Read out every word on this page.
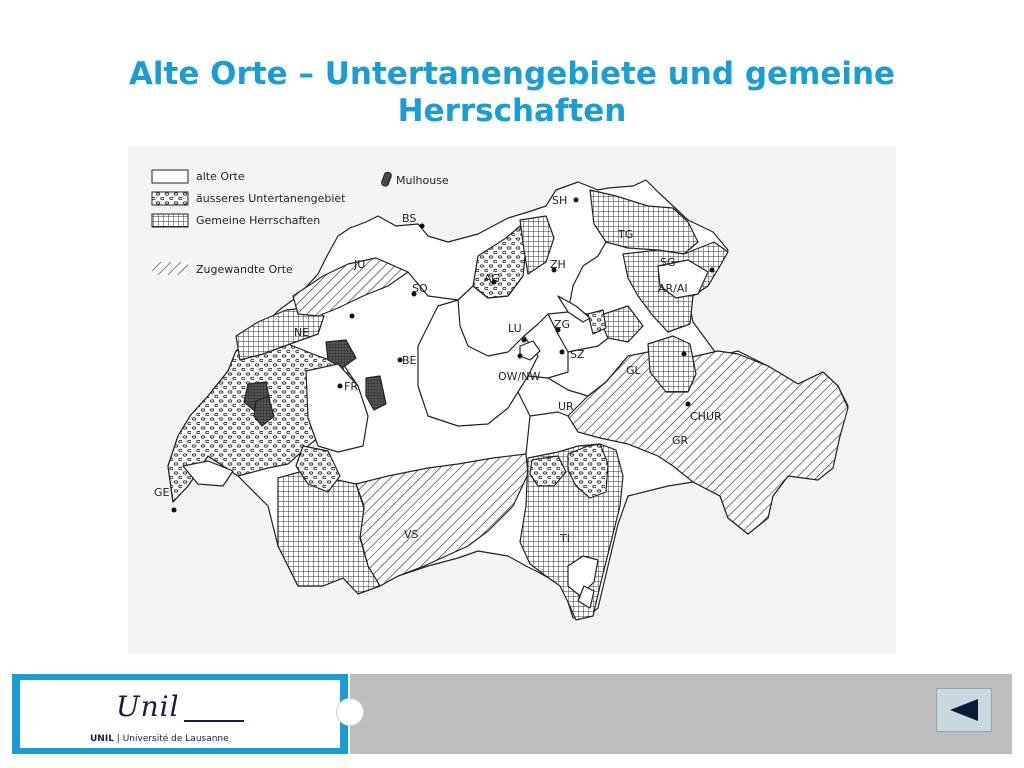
Alte Orte – Untertanengebiete und gemeine
Herrschaften
alte Orte
äusseres Untertanengebiet
Gemeine Herrschaften
Zugewandte Orte
Mulhouse
SH
BS
TG
JU	ZH	SG
AG
SO	AR/AI
NE	LU	ZG
BE	SZ
FR
OW/NW	GL
UR
CHUR
GR
GE
VS	TI
Unil
UNIL | Université de Lausanne
